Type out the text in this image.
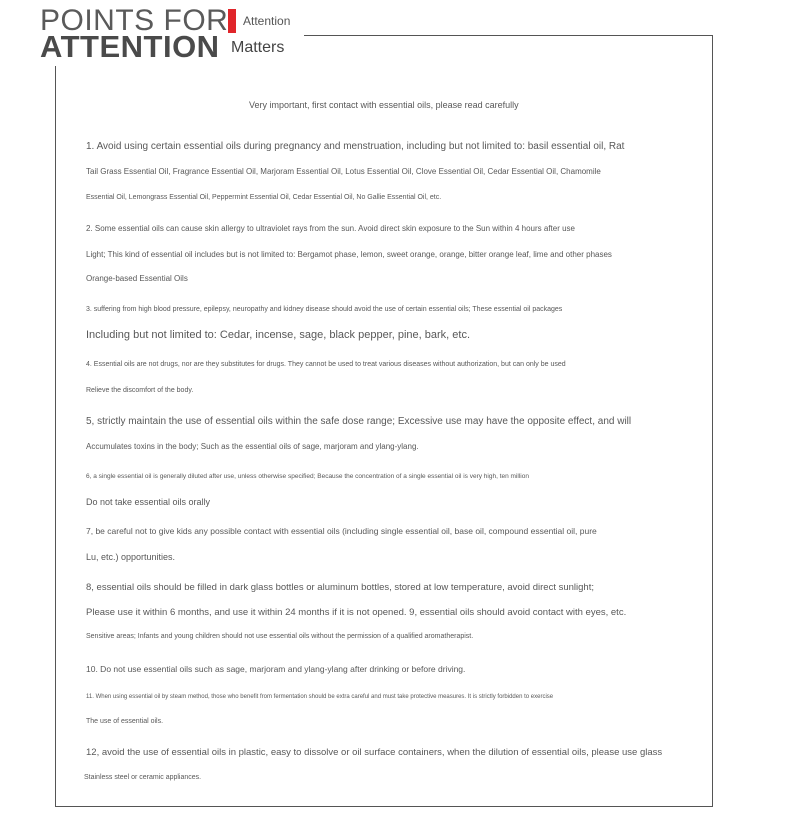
POINTS FOR
ATTENTION
Attention
Matters
Very important, first contact with essential oils, please read carefully
1. Avoid using certain essential oils during pregnancy and menstruation, including but not limited to: basil essential oil, Rat
Tail Grass Essential Oil, Fragrance Essential Oil, Marjoram Essential Oil, Lotus Essential Oil, Clove Essential Oil, Cedar Essential Oil, Chamomile
Essential Oil, Lemongrass Essential Oil, Peppermint Essential Oil, Cedar Essential Oil, No Gallie Essential Oil, etc.
2. Some essential oils can cause skin allergy to ultraviolet rays from the sun. Avoid direct skin exposure to the Sun within 4 hours after use
Light; This kind of essential oil includes but is not limited to: Bergamot phase, lemon, sweet orange, orange, bitter orange leaf, lime and other phases
Orange-based Essential Oils
3. suffering from high blood pressure, epilepsy, neuropathy and kidney disease should avoid the use of certain essential oils; These essential oil packages
Including but not limited to: Cedar, incense, sage, black pepper, pine, bark, etc.
4. Essential oils are not drugs, nor are they substitutes for drugs. They cannot be used to treat various diseases without authorization, but can only be used
Relieve the discomfort of the body.
5, strictly maintain the use of essential oils within the safe dose range; Excessive use may have the opposite effect, and will
Accumulates toxins in the body; Such as the essential oils of sage, marjoram and ylang-ylang.
6, a single essential oil is generally diluted after use, unless otherwise specified; Because the concentration of a single essential oil is very high, ten million
Do not take essential oils orally
7, be careful not to give kids any possible contact with essential oils (including single essential oil, base oil, compound essential oil, pure
Lu, etc.) opportunities.
8, essential oils should be filled in dark glass bottles or aluminum bottles, stored at low temperature, avoid direct sunlight;
Please use it within 6 months, and use it within 24 months if it is not opened. 9, essential oils should avoid contact with eyes, etc.
Sensitive areas; Infants and young children should not use essential oils without the permission of a qualified aromatherapist.
10. Do not use essential oils such as sage, marjoram and ylang-ylang after drinking or before driving.
11. When using essential oil by steam method, those who benefit from fermentation should be extra careful and must take protective measures. It is strictly forbidden to exercise
The use of essential oils.
12, avoid the use of essential oils in plastic, easy to dissolve or oil surface containers, when the dilution of essential oils, please use glass
Stainless steel or ceramic appliances.
